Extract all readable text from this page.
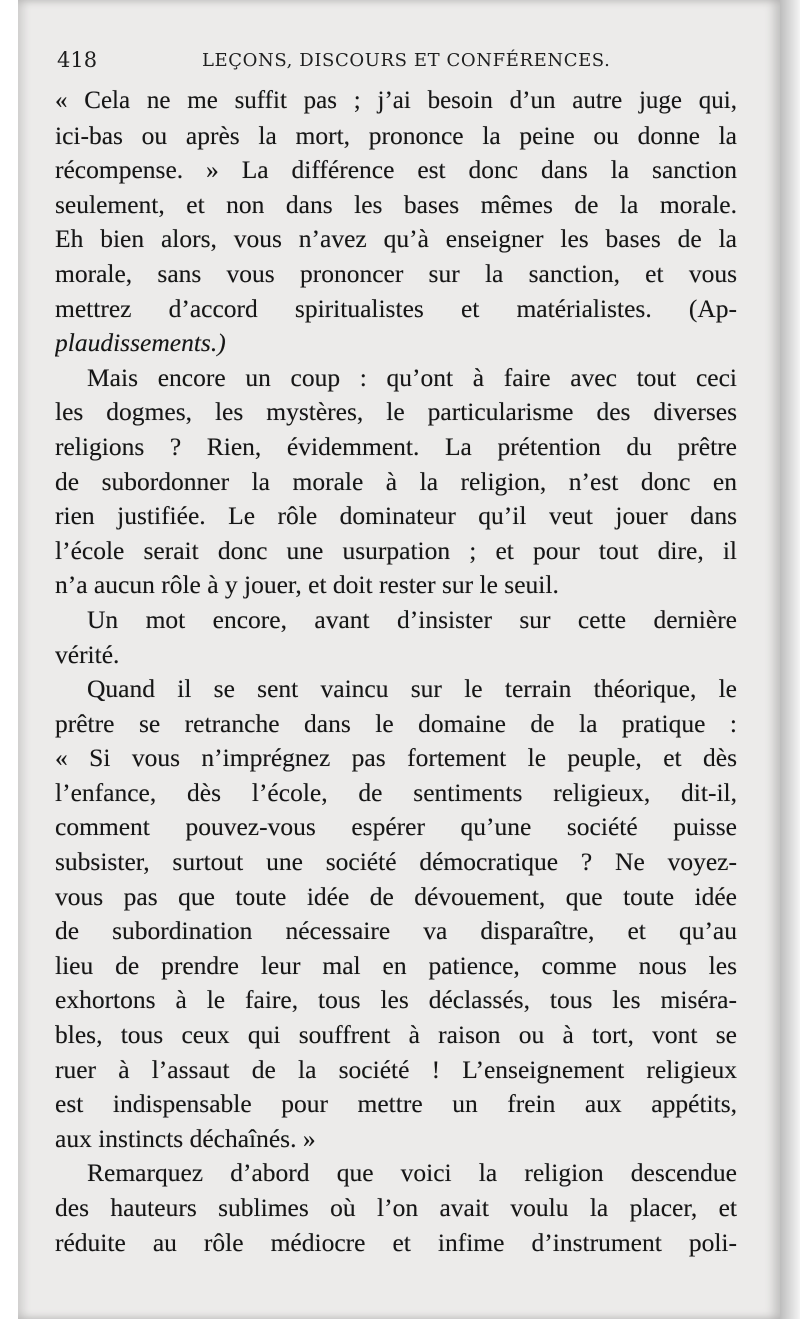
418	LEÇONS, DISCOURS ET CONFÉRENCES.
« Cela ne me suffit pas ; j’ai besoin d’un autre juge qui,
ici-bas ou après la mort, prononce la peine ou donne la
récompense. » La différence est donc dans la sanction
seulement, et non dans les bases mêmes de la morale.
Eh bien alors, vous n’avez qu’à enseigner les bases de la
morale, sans vous prononcer sur la sanction, et vous
mettrez d’accord spiritualistes et matérialistes. (Ap-
plaudissements.)
Mais encore un coup : qu’ont à faire avec tout ceci
les dogmes, les mystères, le particularisme des diverses
religions ? Rien, évidemment. La prétention du prêtre
de subordonner la morale à la religion, n’est donc en
rien justifiée. Le rôle dominateur qu’il veut jouer dans
l’école serait donc une usurpation ; et pour tout dire, il
n’a aucun rôle à y jouer, et doit rester sur le seuil.
Un mot encore, avant d’insister sur cette dernière
vérité.
Quand il se sent vaincu sur le terrain théorique, le
prêtre se retranche dans le domaine de la pratique :
« Si vous n’imprégnez pas fortement le peuple, et dès
l’enfance, dès l’école, de sentiments religieux, dit-il,
comment pouvez-vous espérer qu’une société puisse
subsister, surtout une société démocratique ? Ne voyez-
vous pas que toute idée de dévouement, que toute idée
de subordination nécessaire va disparaître, et qu’au
lieu de prendre leur mal en patience, comme nous les
exhortons à le faire, tous les déclassés, tous les miséra-
bles, tous ceux qui souffrent à raison ou à tort, vont se
ruer à l’assaut de la société ! L’enseignement religieux
est indispensable pour mettre un frein aux appétits,
aux instincts déchaînés. »
Remarquez d’abord que voici la religion descendue
des hauteurs sublimes où l’on avait voulu la placer, et
réduite au rôle médiocre et infime d’instrument poli-
